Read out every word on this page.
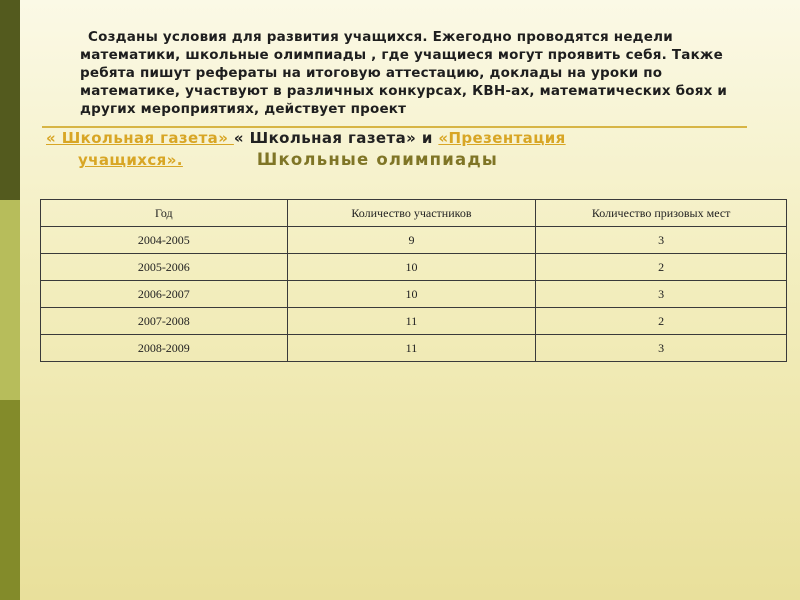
Созданы условия для развития учащихся. Ежегодно проводятся недели математики, школьные олимпиады , где учащиеся могут проявить себя. Также ребята пишут рефераты на итоговую аттестацию, доклады на уроки по математике, участвуют в различных конкурсах, КВН-ах, математических боях и других мероприятиях, действует проект
« Школьная газета» « Школьная газета» и «Презентация
учащихся».	Школьные олимпиады
Год	Количество участников	Количество призовых мест
2004-2005	9	3
2005-2006	10	2
2006-2007	10	3
2007-2008	11	2
2008-2009	11	3
